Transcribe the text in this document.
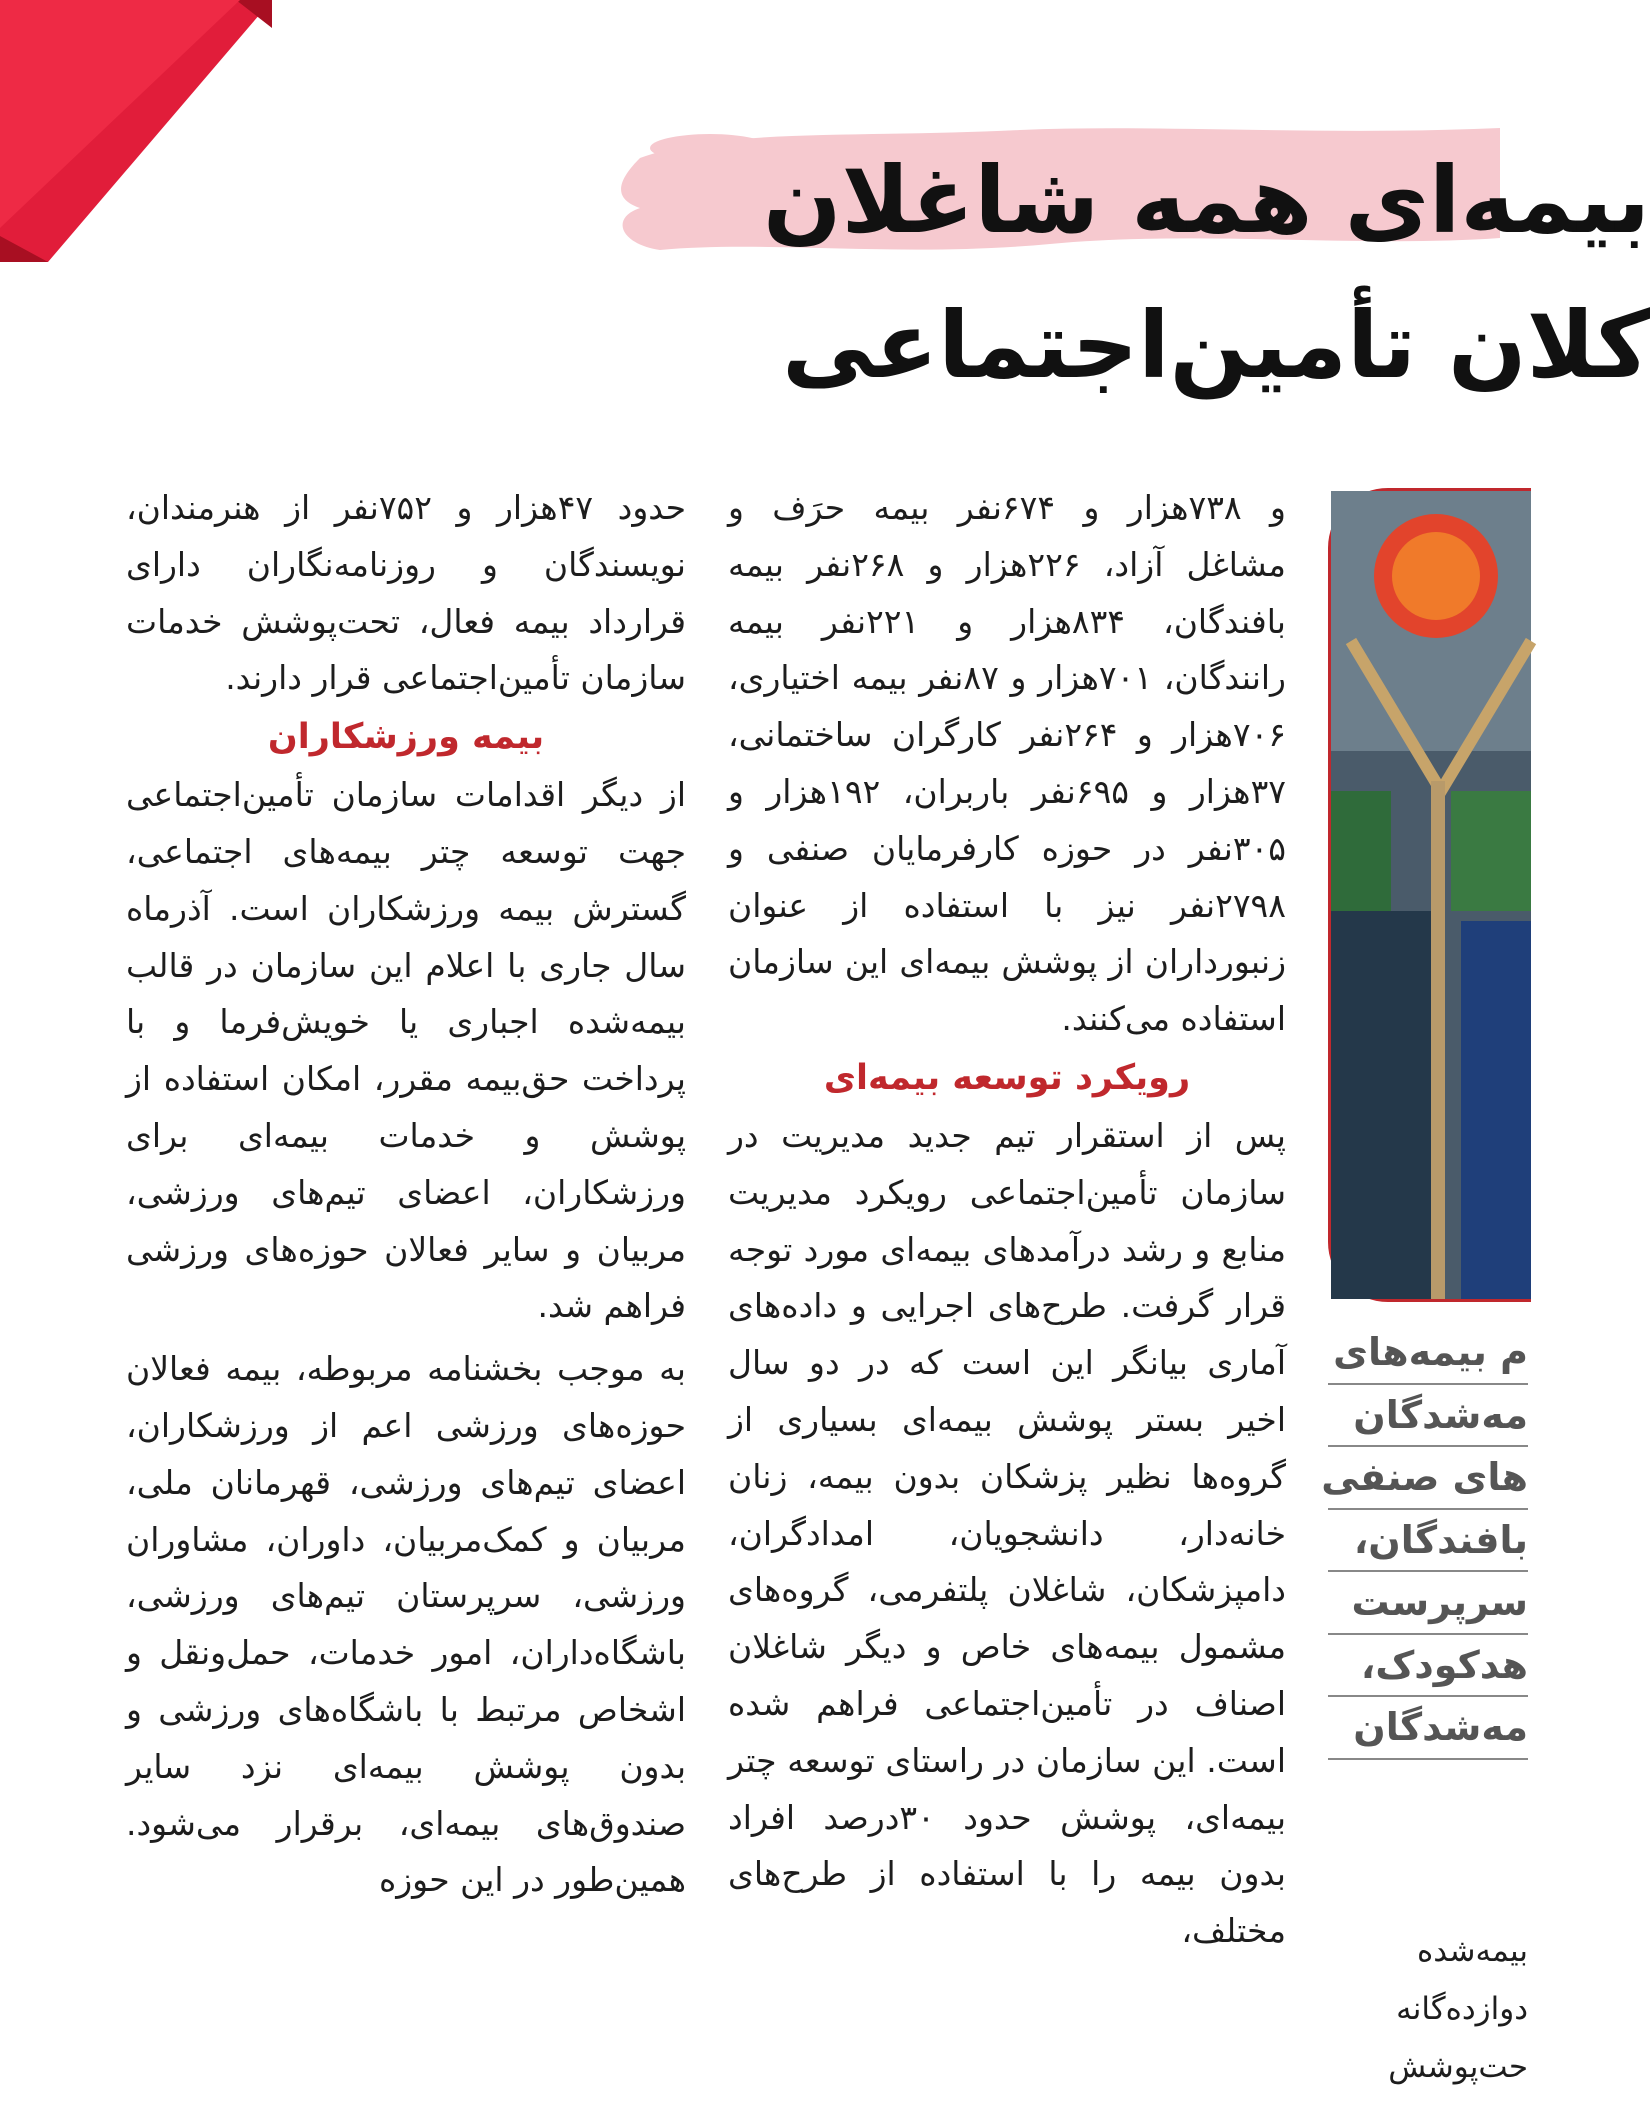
بیمه‌ای همه شاغلان
کلان تأمین‌اجتماعی

و ۷۳۸هزار و ۶۷۴نفر بیمه حرَف و مشاغل آزاد، ۲۲۶هزار و ۲۶۸نفر بیمه بافندگان، ۸۳۴هزار و ۲۲۱نفر بیمه رانندگان، ۷۰۱هزار و ۸۷نفر بیمه اختیاری، ۷۰۶هزار و ۲۶۴نفر کارگران ساختمانی، ۳۷هزار و ۶۹۵نفر باربران، ۱۹۲هزار و ۳۰۵نفر در حوزه کارفرمایان صنفی و ۲۷۹۸نفر نیز با استفاده از عنوان زنبورداران از پوشش بیمه‌ای این سازمان استفاده می‌کنند.

رویکرد توسعه بیمه‌ای

پس از استقرار تیم جدید مدیریت در سازمان تأمین‌اجتماعی رویکرد مدیریت منابع و رشد درآمدهای بیمه‌ای مورد توجه قرار گرفت. طرح‌های اجرایی و داده‌های آماری بیانگر این است که در دو سال اخیر بستر پوشش بیمه‌ای بسیاری از گروه‌ها نظیر پزشکان بدون بیمه، زنان خانه‌دار، دانشجویان، امدادگران، دامپزشکان، شاغلان پلتفرمی، گروه‌های مشمول بیمه‌های خاص و دیگر شاغلان اصناف در تأمین‌اجتماعی فراهم شده است. این سازمان در راستای توسعه چتر بیمه‌ای، پوشش حدود ۳۰درصد افراد بدون بیمه را با استفاده از طرح‌های مختلف،

حدود ۴۷هزار و ۷۵۲نفر از هنرمندان، نویسندگان و روزنامه‌نگاران دارای قرارداد بیمه فعال، تحت‌پوشش خدمات سازمان تأمین‌اجتماعی قرار دارند.

بیمه ورزشکاران

از دیگر اقدامات سازمان تأمین‌اجتماعی جهت توسعه چتر بیمه‌های اجتماعی، گسترش بیمه ورزشکاران است. آذرماه سال جاری با اعلام این سازمان در قالب بیمه‌شده اجباری یا خویش‌فرما و با پرداخت حق‌بیمه مقرر، امکان استفاده از پوشش و خدمات بیمه‌ای برای ورزشکاران، اعضای تیم‌های ورزشی، مربیان و سایر فعالان حوزه‌های ورزشی فراهم شد.

به موجب بخشنامه مربوطه، بیمه فعالان حوزه‌های ورزشی اعم از ورزشکاران، اعضای تیم‌های ورزشی، قهرمانان ملی، مربیان و کمک‌مربیان، داوران، مشاوران ورزشی، سرپرستان تیم‌های ورزشی، باشگاه‌داران، امور خدمات، حمل‌ونقل و اشخاص مرتبط با باشگاه‌های ورزشی و بدون پوشش بیمه‌ای نزد سایر صندوق‌های بیمه‌ای، برقرار می‌شود. همین‌طور در این حوزه

م بیمه‌های
مه‌شدگان
های صنفی
بافندگان،
سرپرست
هدکودک،
مه‌شدگان
بیمه‌شده
دوازده‌گانه
حت‌پوشش
